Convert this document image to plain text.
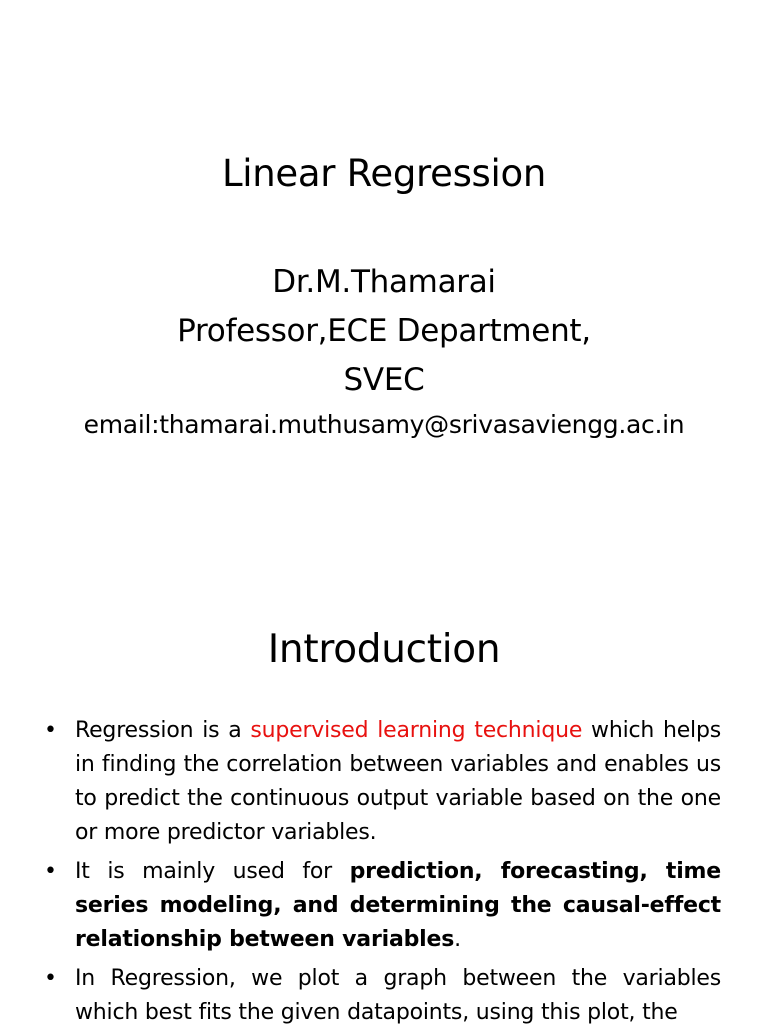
Linear Regression
Dr.M.Thamarai
Professor,ECE Department,
SVEC
email:thamarai.muthusamy@srivasaviengg.ac.in
Introduction
• Regression is a supervised learning technique which helps in finding the correlation between variables and enables us to predict the continuous output variable based on the one or more predictor variables.
• It is mainly used for prediction, forecasting, time series modeling, and determining the causal-effect relationship between variables.
• In Regression, we plot a graph between the variables which best fits the given datapoints, using this plot, the
